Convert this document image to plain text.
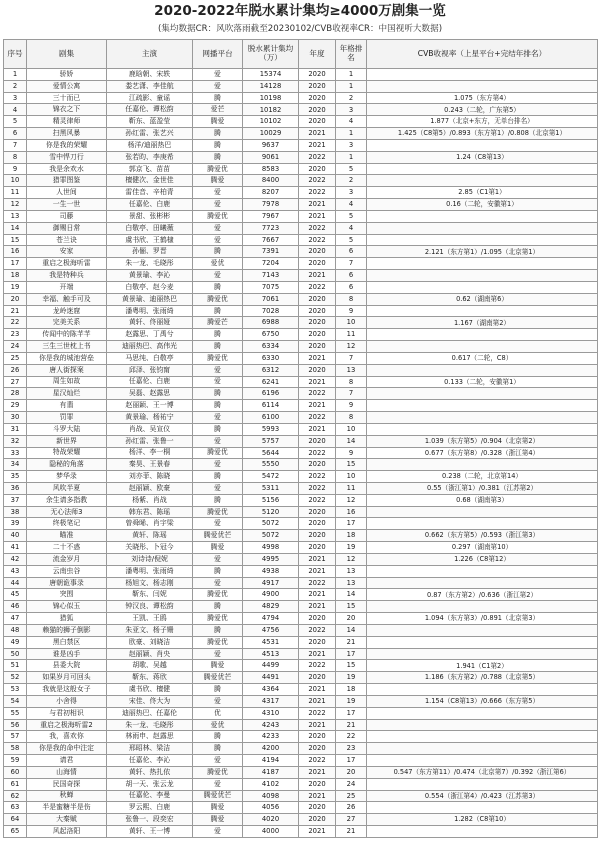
2020-2022年脱水累计集均≥4000万剧集一览
(集均数据CR：风吹落雨截至20230102/CVB收视率CR：中国视听大数据)
序号	剧集	主演	网播平台	脱水累计集均（万）	年度	年格排名	CVB收视率（上星平台+完结年排名）
1	骄娇	鹿晗朝、宋轶	爱	15374	2020	1	
2	爱情公寓	娄艺潇、李佳航	爱	14128	2020	1	
3	三十而已	江疏影、童谣	腾	10198	2020	2	1.075（东方第4）
4	锦衣之下	任嘉伦、谭松韵	爱芒	10182	2020	3	0.243（二轮，广东第5）
5	精灵律师	靳东、蓝盈莹	腾爱	10102	2020	4	1.877（北京+东方，无单台排名）
6	扫黑风暴	孙红雷、张艺兴	腾	10029	2021	1	1.425（C8第5）/0.893（东方第1）/0.808（北京第1）
7	你是我的荣耀	杨洋/迪丽热巴	腾	9637	2021	3	
8	雪中悍刀行	张若昀、李庚希	腾	9061	2022	1	1.24（C8第13）
9	我是余欢水	郭京飞、苗苗	腾爱优	8583	2020	5	
10	猎罪图鉴	檀健次、金世佳	腾爱	8400	2022	2	
11	人世间	雷佳音、辛柏青	爱	8207	2022	3	2.85（C1第1）
12	一生一世	任嘉伦、白鹿	爱	7978	2021	4	0.16（二轮，安徽第1）
13	司藤	景甜、张彬彬	腾爱优	7967	2021	5	
14	御赐日常	白敬亭、田曦薇	爱	7723	2022	4	
15	苍兰诀	虞书欣、王鹤棣	爱	7667	2022	5	
16	安家	孙俪、罗晋	腾	7391	2020	6	2.121（东方第1）/1.095（北京第1）
17	重启之极海听雷	朱一龙、毛晓彤	爱优	7204	2020	7	
18	我是特种兵	黄景瑜、李沁	爱	7143	2021	6	
19	开端	白敬亭、赵今麦	腾	7075	2022	6	
20	幸福、触手可及	黄景瑜、迪丽热巴	腾爱优	7061	2020	8	0.62（湖南第6）
21	龙岭迷窟	潘粤明、张雨绮	腾	7028	2020	9	
22	完美关系	黄轩、佟丽娅	腾爱芒	6988	2020	10	1.167（湖南第2）
23	传闻中的陈芊芊	赵露思、丁禹兮	腾	6750	2020	11	
24	三生三世枕上书	迪丽热巴、高伟光	腾	6334	2020	12	
25	你是我的城池营垒	马思纯、白敬亭	腾爱优	6330	2021	7	0.617（二轮，C8）
26	唐人街探案	邱泽、张钧甯	爱	6312	2020	13	
27	周生如故	任嘉伦、白鹿	爱	6241	2021	8	0.133（二轮，安徽第1）
28	星汉灿烂	吴磊、赵露思	腾	6196	2022	7	
29	有翡	赵丽颖、王一博	腾	6114	2021	9	
30	罚罪	黄景瑜、杨祐宁	爱	6100	2022	8	
31	斗罗大陆	肖战、吴宣仪	腾	5993	2021	10	
32	新世界	孙红雷、张鲁一	爱	5757	2020	14	1.039（东方第5）/0.904（北京第2）
33	特战荣耀	杨洋、李一桐	腾爱优	5644	2022	9	0.677（东方第8）/0.328（浙江第4）
34	隐秘的角落	秦昊、王景春	爱	5550	2020	15	
35	梦华录	刘亦菲、陈晓	腾	5472	2022	10	0.238（二轮，北京第14）
36	风吹半夏	赵丽颖、欧豪	爱	5311	2022	11	0.55（浙江第1）/0.381（江苏第2）
37	余生请多指教	杨紫、肖战	腾	5156	2022	12	0.68（湖南第3）
38	无心法师3	韩东君、陈瑶	腾爱优	5120	2020	16	
39	终极笔记	曾舜晞、肖宇梁	爱	5072	2020	17	
40	瞄准	黄轩、陈瑶	腾爱优芒	5072	2020	18	0.662（东方第5）/0.593（浙江第3）
41	二十不惑	关晓彤、卜冠今	腾爱	4998	2020	19	0.297（湖南第10）
42	流金岁月	刘诗诗/倪妮	爱	4995	2021	12	1.226（C8第12）
43	云南虫谷	潘粤明、张雨绮	腾	4938	2021	13	
44	唐朝诡事录	杨旭文、杨志刚	爱	4917	2022	13	
45	突围	靳东、闫妮	腾爱优	4900	2021	14	0.87（东方第2）/0.636（浙江第2）
46	锦心似玉	钟汉良、谭松韵	腾	4829	2021	15	
47	猎狐	王凯、王鸥	腾爱优	4794	2020	20	1.094（东方第3）/0.891（北京第3）
48	赖猫的狮子倒影	朱亚文、杨子姗	腾	4756	2022	14	
49	黑白禁区	欧豪、刘晓洁	腾爱优	4531	2020	21	
50	谁是凶手	赵丽颖、肖央	爱	4513	2021	17	
51	县委大院	胡歌、吴越	腾爱	4499	2022	15	1.941（C1第2）
52	如果岁月可回头	靳东、蒋欣	腾爱优芒	4491	2020	19	1.186（东方第2）/0.788（北京第5）
53	我就是这般女子	虞书欣、檀健	腾	4364	2021	18	
54	小舍得	宋佳、佟大为	爱	4317	2021	19	1.154（C8第13）/0.666（东方第5）
55	与君初相识	迪丽热巴、任嘉伦	优	4310	2022	17	
56	重启之极海听雷2	朱一龙、毛晓彤	爱优	4243	2021	21	
57	我，喜欢你	林雨申、赵露思	腾	4233	2020	22	
58	你是我的命中注定	邢昭林、梁洁	腾	4200	2020	23	
59	请君	任嘉伦、李沁	爱	4194	2022	17	
60	山海情	黄轩、热扎依	腾爱优	4187	2021	20	0.547（东方第11）/0.474（北京第7）/0.392（浙江第6）
61	民国奇探	胡一天、张云龙	爱	4102	2020	24	
62	秋蝉	任嘉伦、李曼	腾爱优芒	4098	2021	25	0.554（浙江第4）/0.423（江苏第3）
63	半是蜜糖半是伤	罗云熙、白鹿	腾爱	4056	2020	26	
64	大秦赋	张鲁一、段奕宏	腾爱	4020	2020	27	1.282（C8第10）
65	风起洛阳	黄轩、王一博	爱	4000	2021	21	
